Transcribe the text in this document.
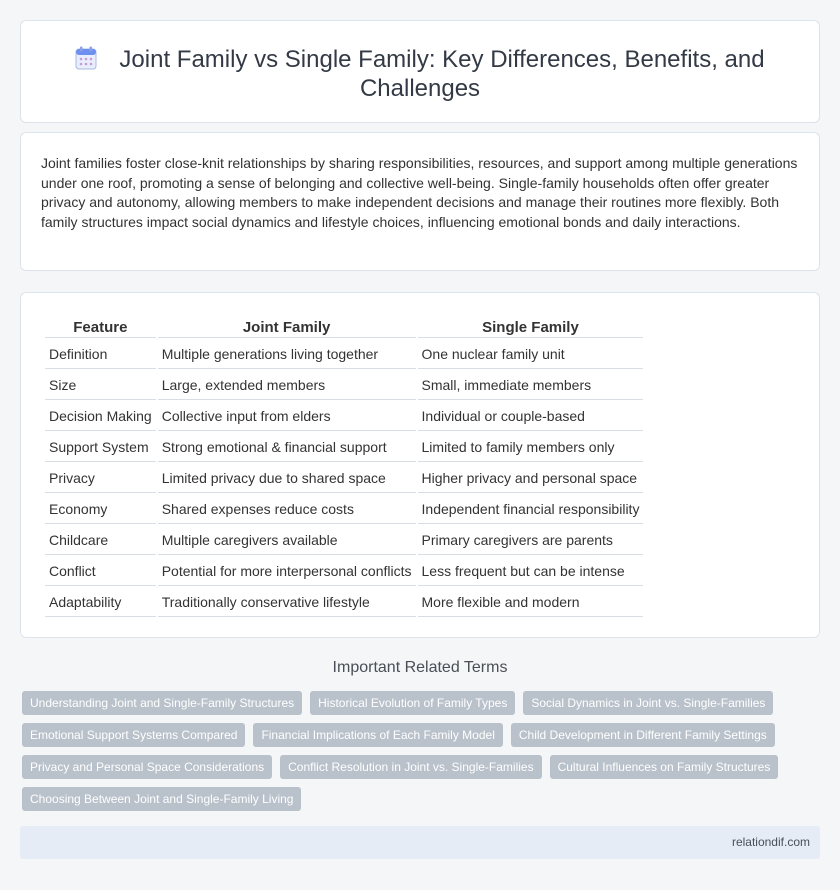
Joint Family vs Single Family: Key Differences, Benefits, and Challenges

Joint families foster close-knit relationships by sharing responsibilities, resources, and support among multiple generations under one roof, promoting a sense of belonging and collective well-being. Single-family households often offer greater privacy and autonomy, allowing members to make independent decisions and manage their routines more flexibly. Both family structures impact social dynamics and lifestyle choices, influencing emotional bonds and daily interactions.

Feature	Joint Family	Single Family
Definition	Multiple generations living together	One nuclear family unit
Size	Large, extended members	Small, immediate members
Decision Making	Collective input from elders	Individual or couple-based
Support System	Strong emotional & financial support	Limited to family members only
Privacy	Limited privacy due to shared space	Higher privacy and personal space
Economy	Shared expenses reduce costs	Independent financial responsibility
Childcare	Multiple caregivers available	Primary caregivers are parents
Conflict	Potential for more interpersonal conflicts	Less frequent but can be intense
Adaptability	Traditionally conservative lifestyle	More flexible and modern
Important Related Terms
Understanding Joint and Single-Family Structures	Historical Evolution of Family Types	Social Dynamics in Joint vs. Single-Families
Emotional Support Systems Compared	Financial Implications of Each Family Model	Child Development in Different Family Settings
Privacy and Personal Space Considerations	Conflict Resolution in Joint vs. Single-Families	Cultural Influences on Family Structures
Choosing Between Joint and Single-Family Living
relationdif.com
